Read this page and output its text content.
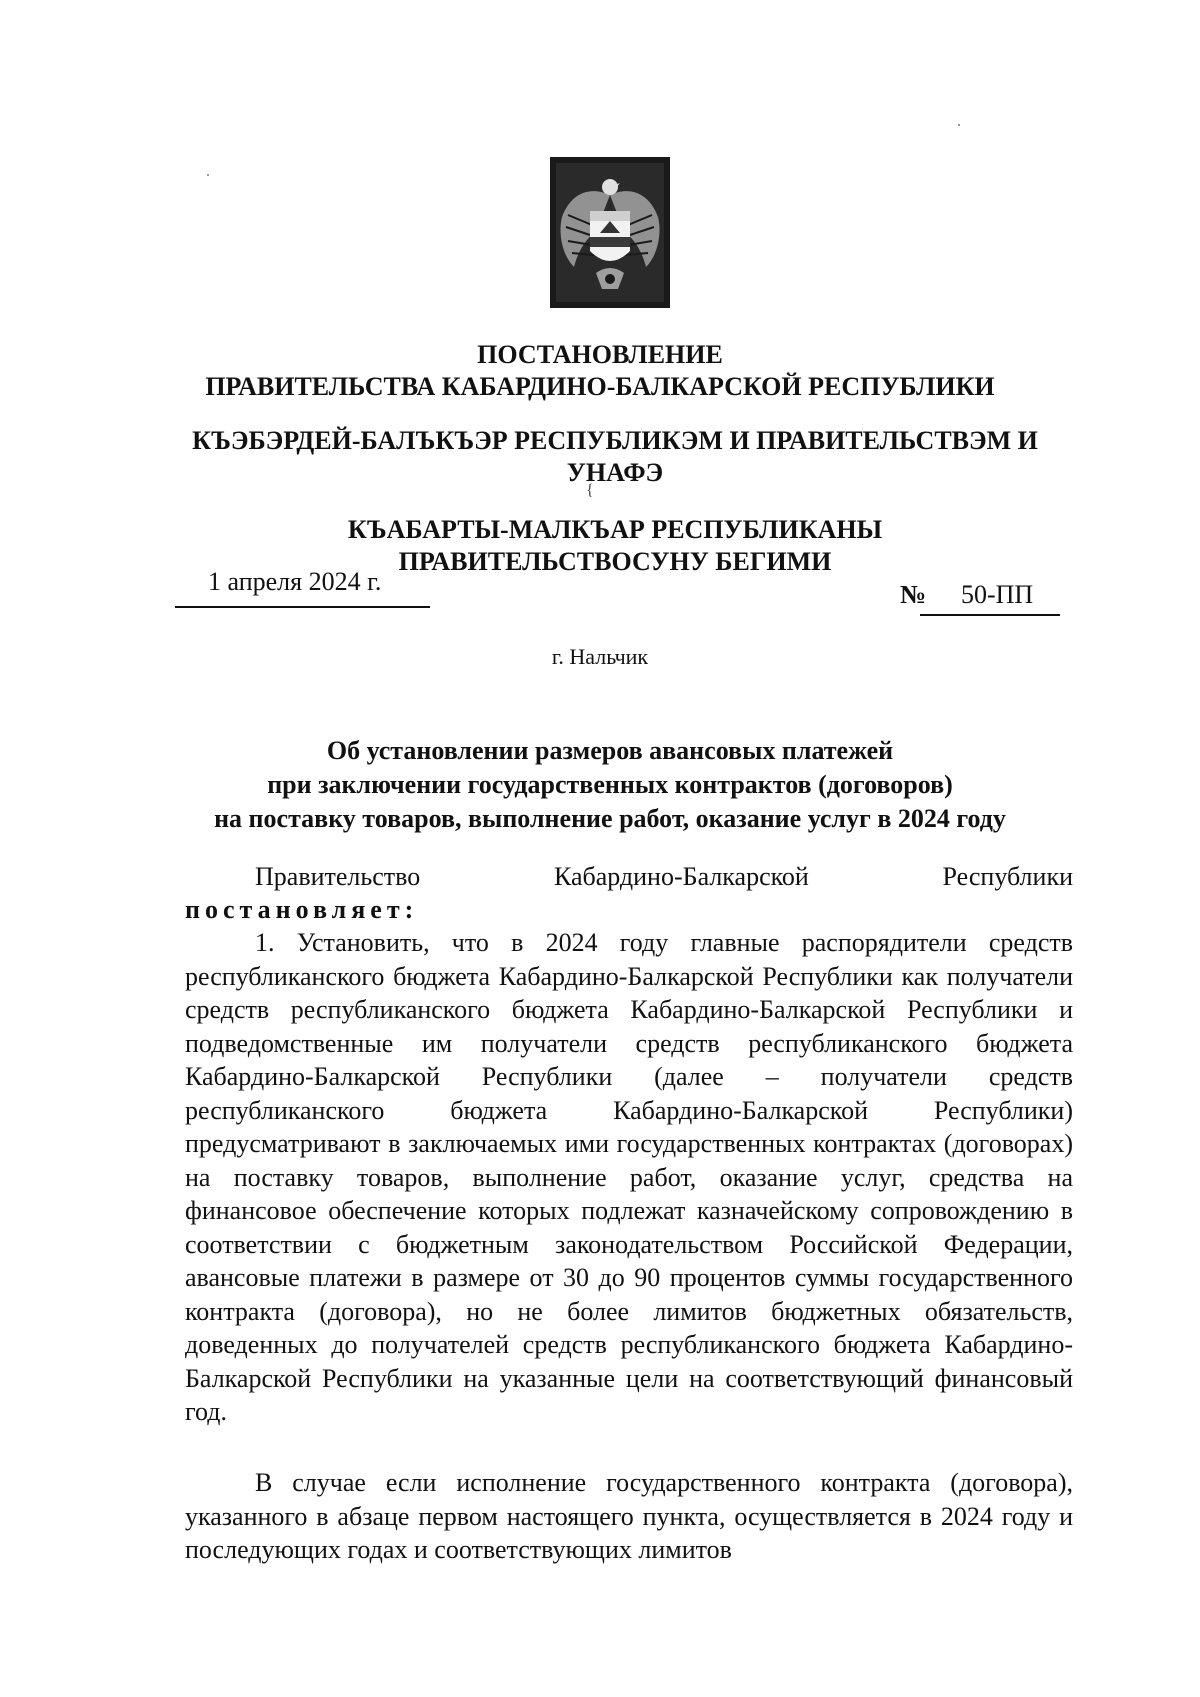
ПОСТАНОВЛЕНИЕ
ПРАВИТЕЛЬСТВА КАБАРДИНО-БАЛКАРСКОЙ РЕСПУБЛИКИ
КЪЭБЭРДЕЙ-БАЛЪКЪЭР РЕСПУБЛИКЭМ И ПРАВИТЕЛЬСТВЭМ И УНАФЭ
{
КЪАБАРТЫ-МАЛКЪАР РЕСПУБЛИКАНЫ ПРАВИТЕЛЬСТВОСУНУ БЕГИМИ
1 апреля 2024 г.	№ 50-ПП
г. Нальчик
Об установлении размеров авансовых платежей
при заключении государственных контрактов (договоров)
на поставку товаров, выполнение работ, оказание услуг в 2024 году
Правительство Кабардино-Балкарской Республики
постановляет:
1. Установить, что в 2024 году главные распорядители средств республиканского бюджета Кабардино-Балкарской Республики как получатели средств республиканского бюджета Кабардино-Балкарской Республики и подведомственные им получатели средств республиканского бюджета Кабардино-Балкарской Республики (далее – получатели средств республиканского бюджета Кабардино-Балкарской Республики) предусматривают в заключаемых ими государственных контрактах (договорах) на поставку товаров, выполнение работ, оказание услуг, средства на финансовое обеспечение которых подлежат казначейскому сопровождению в соответствии с бюджетным законодательством Российской Федерации, авансовые платежи в размере от 30 до 90 процентов суммы государственного контракта (договора), но не более лимитов бюджетных обязательств, доведенных до получателей средств республиканского бюджета Кабардино-Балкарской Республики на указанные цели на соответствующий финансовый год.
В случае если исполнение государственного контракта (договора), указанного в абзаце первом настоящего пункта, осуществляется в 2024 году и последующих годах и соответствующих лимитов
